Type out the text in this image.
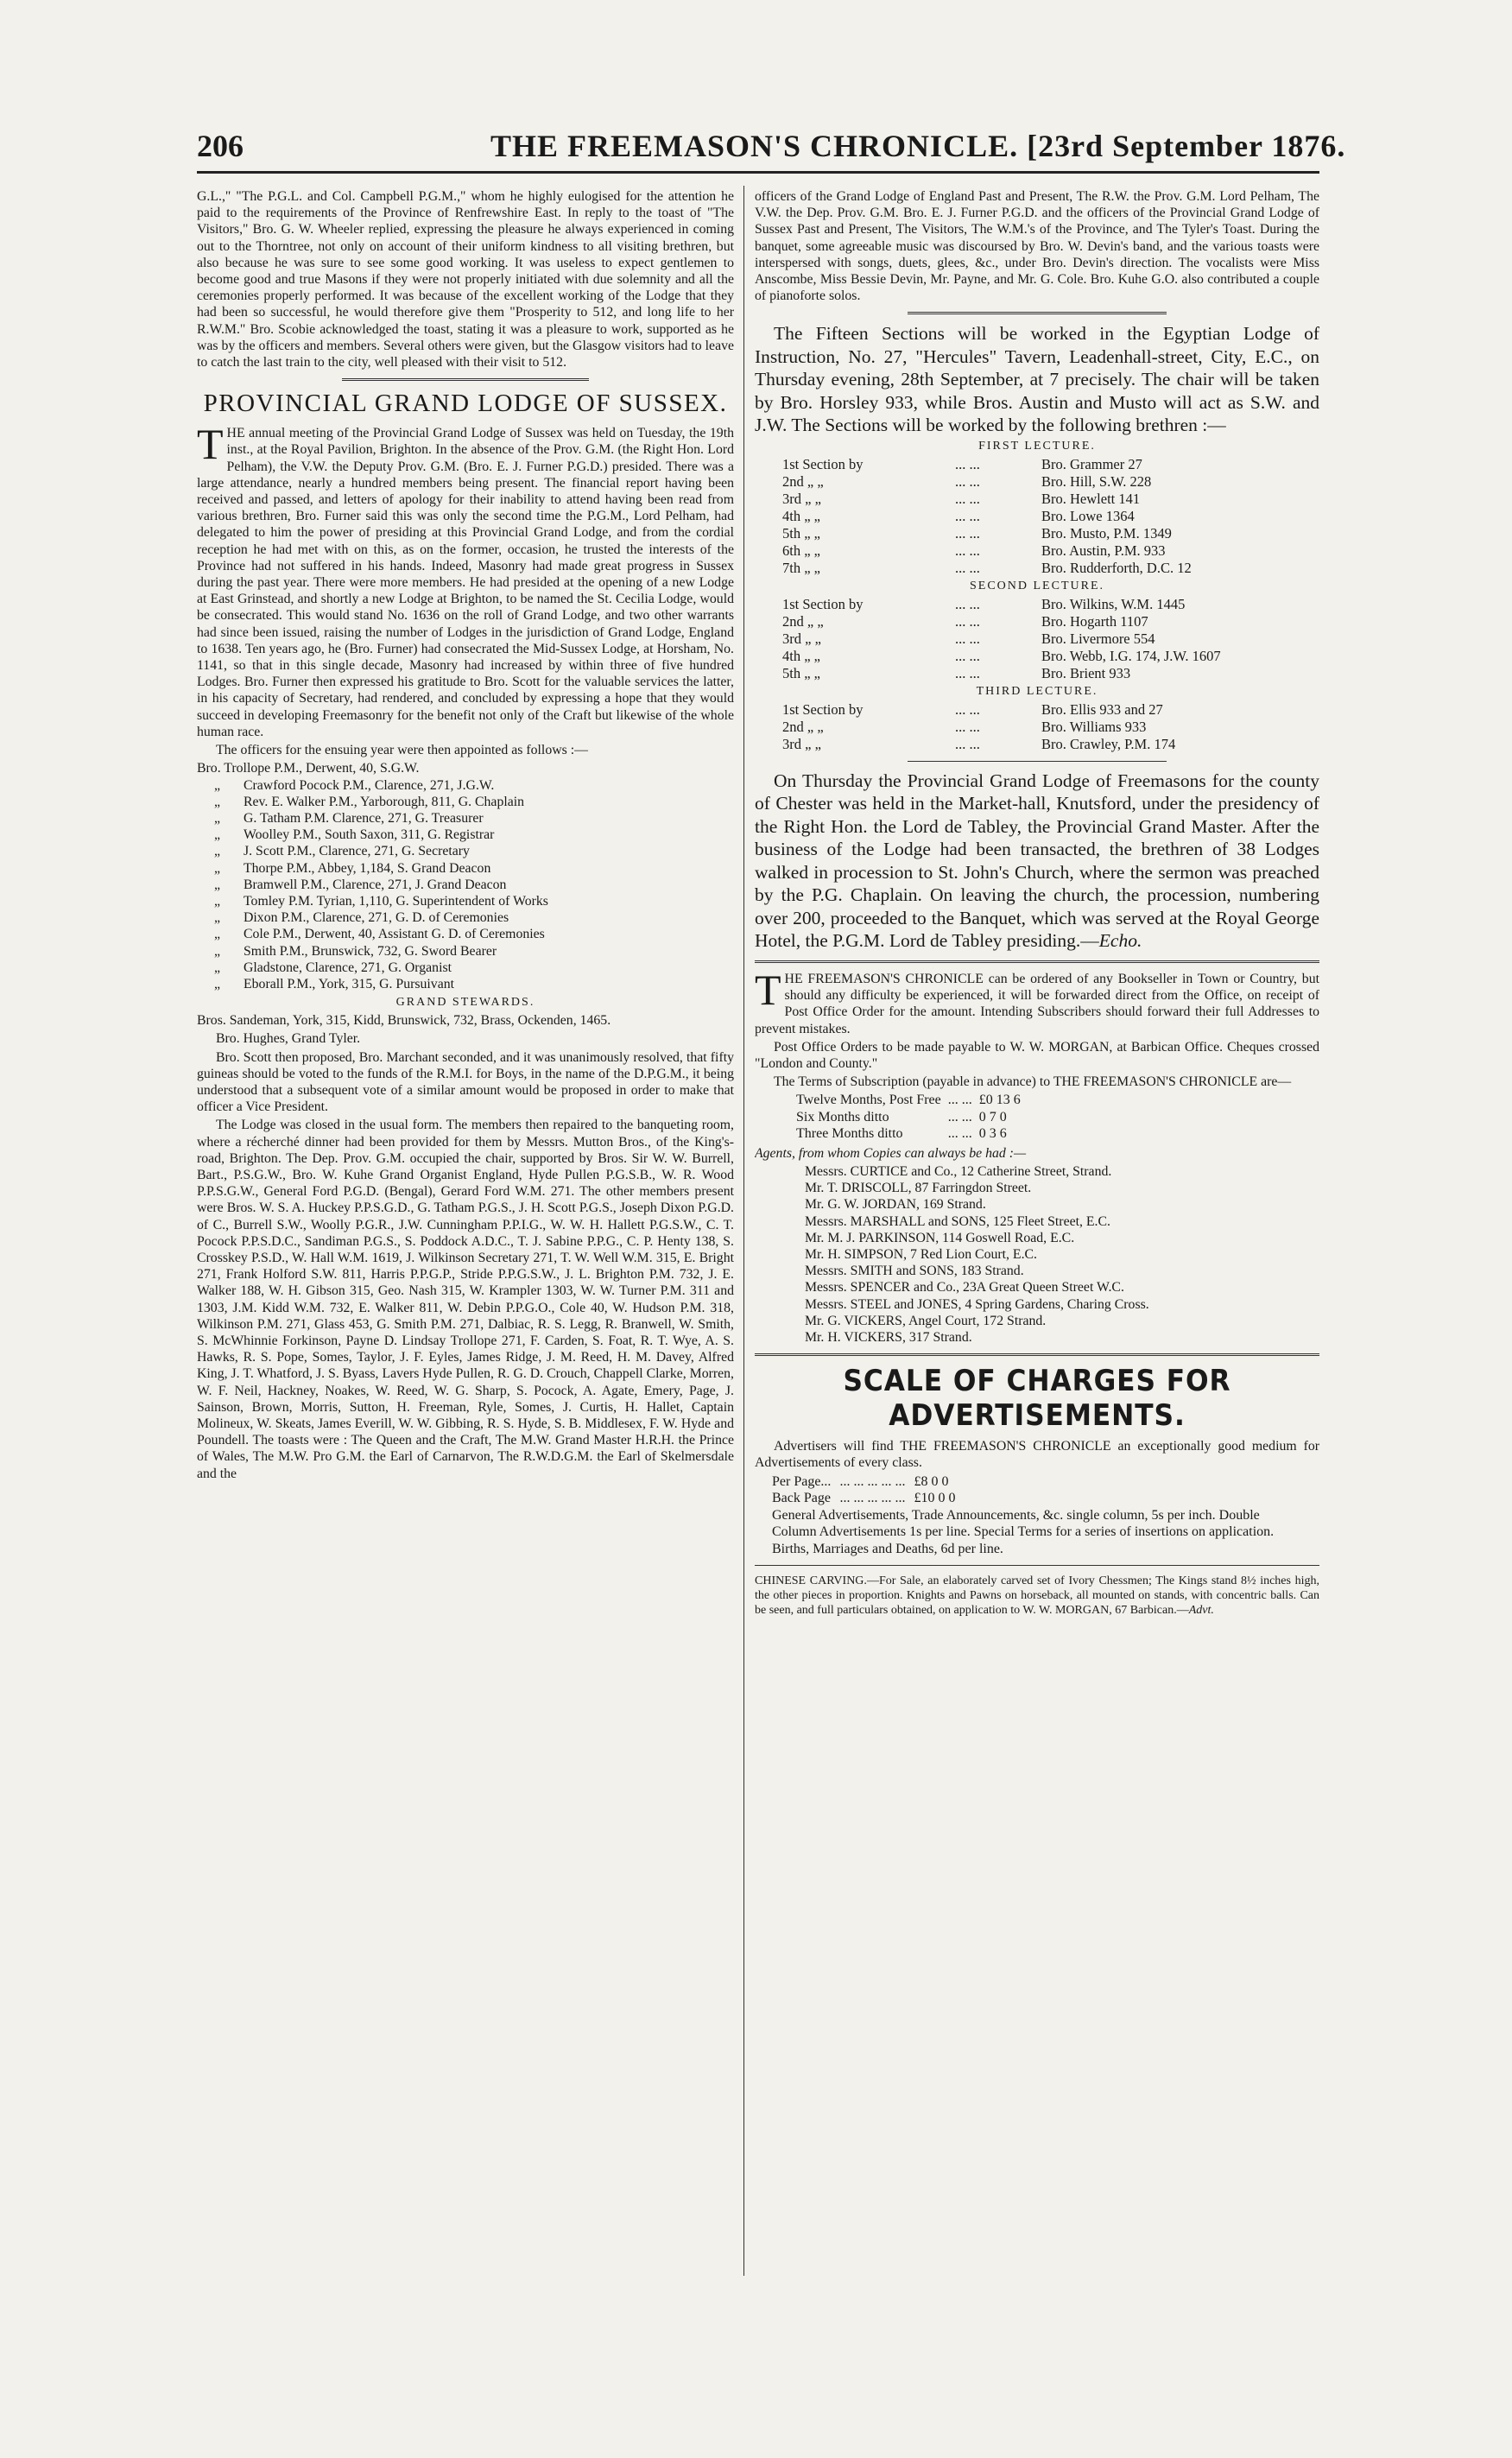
206	THE FREEMASON'S CHRONICLE. [23rd September 1876.

G.L.," "The P.G.L. and Col. Campbell P.G.M.," whom he highly eulogised for the attention he paid to the requirements of the Province of Renfrewshire East. In reply to the toast of "The Visitors," Bro. G. W. Wheeler replied, expressing the pleasure he always experienced in coming out to the Thorntree, not only on account of their uniform kindness to all visiting brethren, but also because he was sure to see some good working. It was useless to expect gentlemen to become good and true Masons if they were not properly initiated with due solemnity and all the ceremonies properly performed. It was because of the excellent working of the Lodge that they had been so successful, he would therefore give them "Prosperity to 512, and long life to her R.W.M." Bro. Scobie acknowledged the toast, stating it was a pleasure to work, supported as he was by the officers and members. Several others were given, but the Glasgow visitors had to leave to catch the last train to the city, well pleased with their visit to 512.

PROVINCIAL GRAND LODGE OF SUSSEX.

THE annual meeting of the Provincial Grand Lodge of Sussex was held on Tuesday, the 19th inst., at the Royal Pavilion, Brighton. In the absence of the Prov. G.M. (the Right Hon. Lord Pelham), the V.W. the Deputy Prov. G.M. (Bro. E. J. Furner P.G.D.) presided. There was a large attendance, nearly a hundred members being present. The financial report having been received and passed, and letters of apology for their inability to attend having been read from various brethren, Bro. Furner said this was only the second time the P.G.M., Lord Pelham, had delegated to him the power of presiding at this Provincial Grand Lodge, and from the cordial reception he had met with on this, as on the former, occasion, he trusted the interests of the Province had not suffered in his hands. Indeed, Masonry had made great progress in Sussex during the past year. There were more members. He had presided at the opening of a new Lodge at East Grinstead, and shortly a new Lodge at Brighton, to be named the St. Cecilia Lodge, would be consecrated. This would stand No. 1636 on the roll of Grand Lodge, and two other warrants had since been issued, raising the number of Lodges in the jurisdiction of Grand Lodge, England to 1638. Ten years ago, he (Bro. Furner) had consecrated the Mid-Sussex Lodge, at Horsham, No. 1141, so that in this single decade, Masonry had increased by within three of five hundred Lodges. Bro. Furner then expressed his gratitude to Bro. Scott for the valuable services the latter, in his capacity of Secretary, had rendered, and concluded by expressing a hope that they would succeed in developing Freemasonry for the benefit not only of the Craft but likewise of the whole human race.

The officers for the ensuing year were then appointed as follows :—

Bro. Trollope P.M., Derwent, 40, S.G.W.
„ Crawford Pocock P.M., Clarence, 271, J.G.W.
„ Rev. E. Walker P.M., Yarborough, 811, G. Chaplain
„ G. Tatham P.M. Clarence, 271, G. Treasurer
„ Woolley P.M., South Saxon, 311, G. Registrar
„ J. Scott P.M., Clarence, 271, G. Secretary
„ Thorpe P.M., Abbey, 1,184, S. Grand Deacon
„ Bramwell P.M., Clarence, 271, J. Grand Deacon
„ Tomley P.M. Tyrian, 1,110, G. Superintendent of Works
„ Dixon P.M., Clarence, 271, G. D. of Ceremonies
„ Cole P.M., Derwent, 40, Assistant G. D. of Ceremonies
„ Smith P.M., Brunswick, 732, G. Sword Bearer
„ Gladstone, Clarence, 271, G. Organist
„ Eborall P.M., York, 315, G. Pursuivant
GRAND STEWARDS.

Bros. Sandeman, York, 315, Kidd, Brunswick, 732, Brass, Ockenden, 1465.

Bro. Hughes, Grand Tyler.

Bro. Scott then proposed, Bro. Marchant seconded, and it was unanimously resolved, that fifty guineas should be voted to the funds of the R.M.I. for Boys, in the name of the D.P.G.M., it being understood that a subsequent vote of a similar amount would be proposed in order to make that officer a Vice President.

The Lodge was closed in the usual form. The members then repaired to the banqueting room, where a récherché dinner had been provided for them by Messrs. Mutton Bros., of the King's-road, Brighton. The Dep. Prov. G.M. occupied the chair, supported by Bros. Sir W. W. Burrell, Bart., P.S.G.W., Bro. W. Kuhe Grand Organist England, Hyde Pullen P.G.S.B., W. R. Wood P.P.S.G.W., General Ford P.G.D. (Bengal), Gerard Ford W.M. 271. The other members present were Bros. W. S. A. Huckey P.P.S.G.D., G. Tatham P.G.S., J. H. Scott P.G.S., Joseph Dixon P.G.D. of C., Burrell S.W., Woolly P.G.R., J.W. Cunningham P.P.I.G., W. W. H. Hallett P.G.S.W., C. T. Pocock P.P.S.D.C., Sandiman P.G.S., S. Poddock A.D.C., T. J. Sabine P.P.G., C. P. Henty 138, S. Crosskey P.S.D., W. Hall W.M. 1619, J. Wilkinson Secretary 271, T. W. Well W.M. 315, E. Bright 271, Frank Holford S.W. 811, Harris P.P.G.P., Stride P.P.G.S.W., J. L. Brighton P.M. 732, J. E. Walker 188, W. H. Gibson 315, Geo. Nash 315, W. Krampler 1303, W. W. Turner P.M. 311 and 1303, J.M. Kidd W.M. 732, E. Walker 811, W. Debin P.P.G.O., Cole 40, W. Hudson P.M. 318, Wilkinson P.M. 271, Glass 453, G. Smith P.M. 271, Dalbiac, R. S. Legg, R. Branwell, W. Smith, S. McWhinnie Forkinson, Payne D. Lindsay Trollope 271, F. Carden, S. Foat, R. T. Wye, A. S. Hawks, R. S. Pope, Somes, Taylor, J. F. Eyles, James Ridge, J. M. Reed, H. M. Davey, Alfred King, J. T. Whatford, J. S. Byass, Lavers Hyde Pullen, R. G. D. Crouch, Chappell Clarke, Morren, W. F. Neil, Hackney, Noakes, W. Reed, W. G. Sharp, S. Pocock, A. Agate, Emery, Page, J. Sainson, Brown, Morris, Sutton, H. Freeman, Ryle, Somes, J. Curtis, H. Hallet, Captain Molineux, W. Skeats, James Everill, W. W. Gibbing, R. S. Hyde, S. B. Middlesex, F. W. Hyde and Poundell. The toasts were : The Queen and the Craft, The M.W. Grand Master H.R.H. the Prince of Wales, The M.W. Pro G.M. the Earl of Carnarvon, The R.W.D.G.M. the Earl of Skelmersdale and the

officers of the Grand Lodge of England Past and Present, The R.W. the Prov. G.M. Lord Pelham, The V.W. the Dep. Prov. G.M. Bro. E. J. Furner P.G.D. and the officers of the Provincial Grand Lodge of Sussex Past and Present, The Visitors, The W.M.'s of the Province, and The Tyler's Toast. During the banquet, some agreeable music was discoursed by Bro. W. Devin's band, and the various toasts were interspersed with songs, duets, glees, &c., under Bro. Devin's direction. The vocalists were Miss Anscombe, Miss Bessie Devin, Mr. Payne, and Mr. G. Cole. Bro. Kuhe G.O. also contributed a couple of pianoforte solos.

The Fifteen Sections will be worked in the Egyptian Lodge of Instruction, No. 27, "Hercules" Tavern, Leadenhall-street, City, E.C., on Thursday evening, 28th September, at 7 precisely. The chair will be taken by Bro. Horsley 933, while Bros. Austin and Musto will act as S.W. and J.W. The Sections will be worked by the following brethren :—

FIRST LECTURE.
1st Section by	... ...	Bro. Grammer 27
2nd „ „	... ...	Bro. Hill, S.W. 228
3rd „ „	... ...	Bro. Hewlett 141
4th „ „	... ...	Bro. Lowe 1364
5th „ „	... ...	Bro. Musto, P.M. 1349
6th „ „	... ...	Bro. Austin, P.M. 933
7th „ „	... ...	Bro. Rudderforth, D.C. 12
SECOND LECTURE.
1st Section by	... ...	Bro. Wilkins, W.M. 1445
2nd „ „	... ...	Bro. Hogarth 1107
3rd „ „	... ...	Bro. Livermore 554
4th „ „	... ...	Bro. Webb, I.G. 174, J.W. 1607
5th „ „	... ...	Bro. Brient 933
THIRD LECTURE.
1st Section by	... ...	Bro. Ellis 933 and 27
2nd „ „	... ...	Bro. Williams 933
3rd „ „	... ...	Bro. Crawley, P.M. 174

On Thursday the Provincial Grand Lodge of Freemasons for the county of Chester was held in the Market-hall, Knutsford, under the presidency of the Right Hon. the Lord de Tabley, the Provincial Grand Master. After the business of the Lodge had been transacted, the brethren of 38 Lodges walked in procession to St. John's Church, where the sermon was preached by the P.G. Chaplain. On leaving the church, the procession, numbering over 200, proceeded to the Banquet, which was served at the Royal George Hotel, the P.G.M. Lord de Tabley presiding.—Echo.

THE FREEMASON'S CHRONICLE can be ordered of any Bookseller in Town or Country, but should any difficulty be experienced, it will be forwarded direct from the Office, on receipt of Post Office Order for the amount. Intending Subscribers should forward their full Addresses to prevent mistakes.

Post Office Orders to be made payable to W. W. MORGAN, at Barbican Office. Cheques crossed "London and County."

The Terms of Subscription (payable in advance) to THE FREEMASON'S CHRONICLE are—

Twelve Months, Post Free	... ...	£0 13 6
Six Months ditto	... ...	0 7 0
Three Months ditto	... ...	0 3 6

Agents, from whom Copies can always be had :—

Messrs. CURTICE and Co., 12 Catherine Street, Strand.
Mr. T. DRISCOLL, 87 Farringdon Street.
Mr. G. W. JORDAN, 169 Strand.
Messrs. MARSHALL and SONS, 125 Fleet Street, E.C.
Mr. M. J. PARKINSON, 114 Goswell Road, E.C.
Mr. H. SIMPSON, 7 Red Lion Court, E.C.
Messrs. SMITH and SONS, 183 Strand.
Messrs. SPENCER and Co., 23A Great Queen Street W.C.
Messrs. STEEL and JONES, 4 Spring Gardens, Charing Cross.
Mr. G. VICKERS, Angel Court, 172 Strand.
Mr. H. VICKERS, 317 Strand.
SCALE OF CHARGES FOR ADVERTISEMENTS.

Advertisers will find THE FREEMASON'S CHRONICLE an exceptionally good medium for Advertisements of every class.

Per Page...	... ... ... ... ...	£8 0 0
Back Page	... ... ... ... ...	£10 0 0
General Advertisements, Trade Announcements, &c. single column, 5s per inch. Double Column Advertisements 1s per line. Special Terms for a series of insertions on application.
Births, Marriages and Deaths, 6d per line.

CHINESE CARVING.—For Sale, an elaborately carved set of Ivory Chessmen; The Kings stand 8½ inches high, the other pieces in proportion. Knights and Pawns on horseback, all mounted on stands, with concentric balls. Can be seen, and full particulars obtained, on application to W. W. MORGAN, 67 Barbican.—Advt.
